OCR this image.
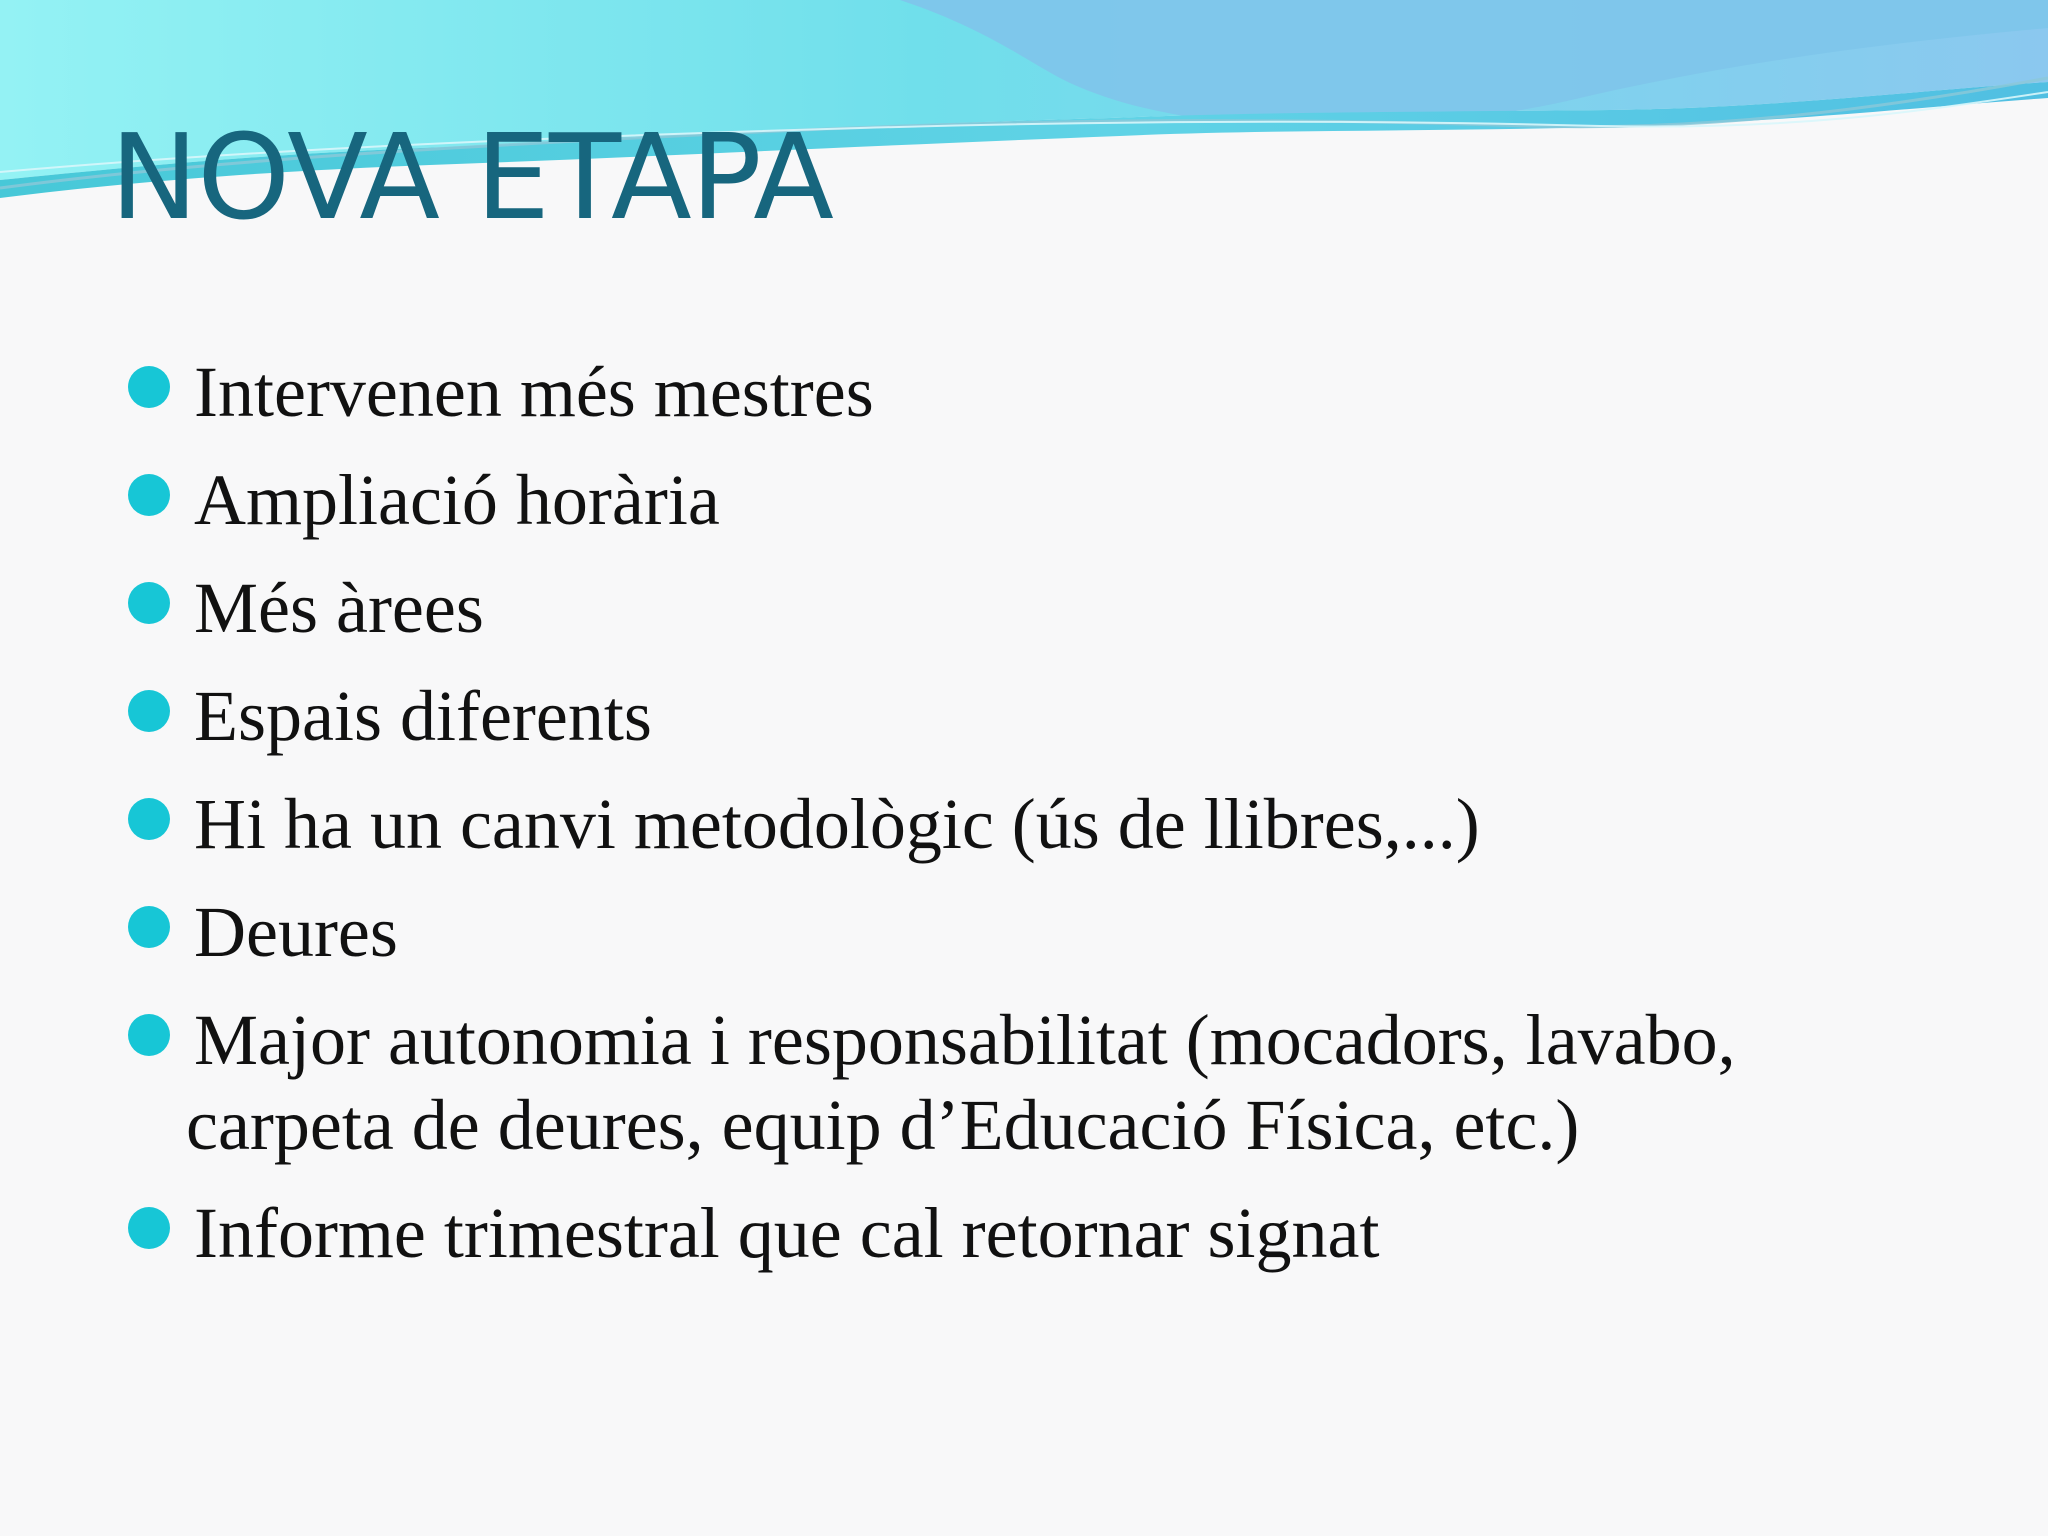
NOVA ETAPA
Intervenen més mestres
Ampliació horària
Més àrees
Espais diferents
Hi ha un canvi metodològic (ús de llibres,...)
Deures
Major autonomia i responsabilitat (mocadors, lavabo,
carpeta de deures, equip d’Educació Física, etc.)
Informe trimestral que cal retornar signat
